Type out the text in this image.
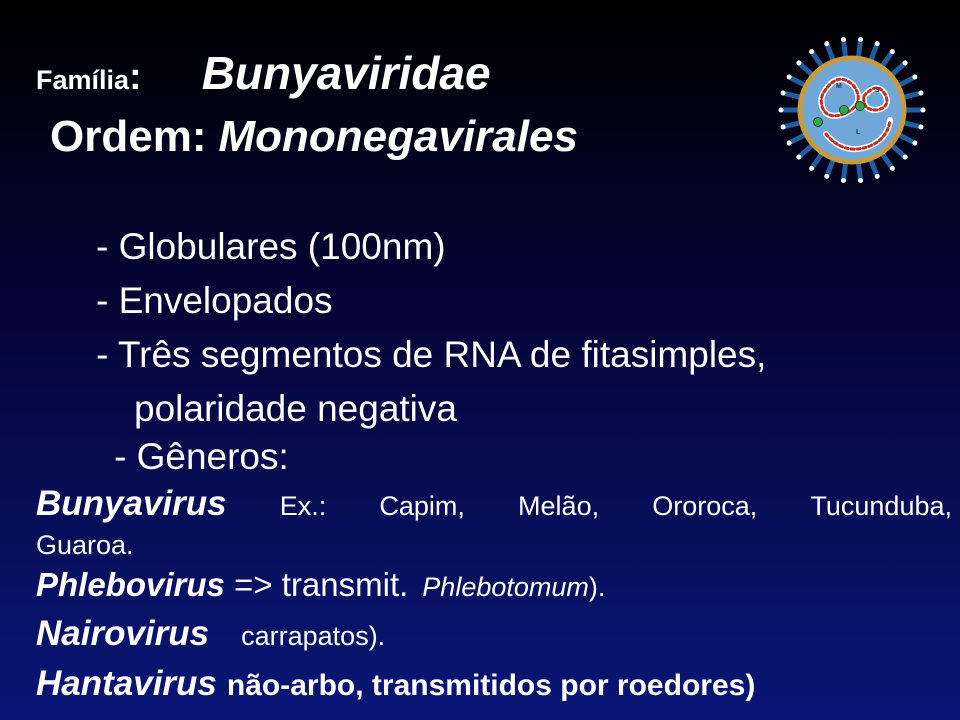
Família: Bunyaviridae
Ordem: Mononegavirales
- Globulares (100nm)
- Envelopados
- Três segmentos de RNA de fitasimples,
polaridade negativa
- Gêneros:
Bunyavirus Ex.: Capim, Melão, Ororoca, Tucunduba,
Guaroa.
Phlebovirus => transmit. Phlebotomum).
Nairovirus carrapatos).
Hantavirus não-arbo, transmitidos por roedores)
M
L
S
